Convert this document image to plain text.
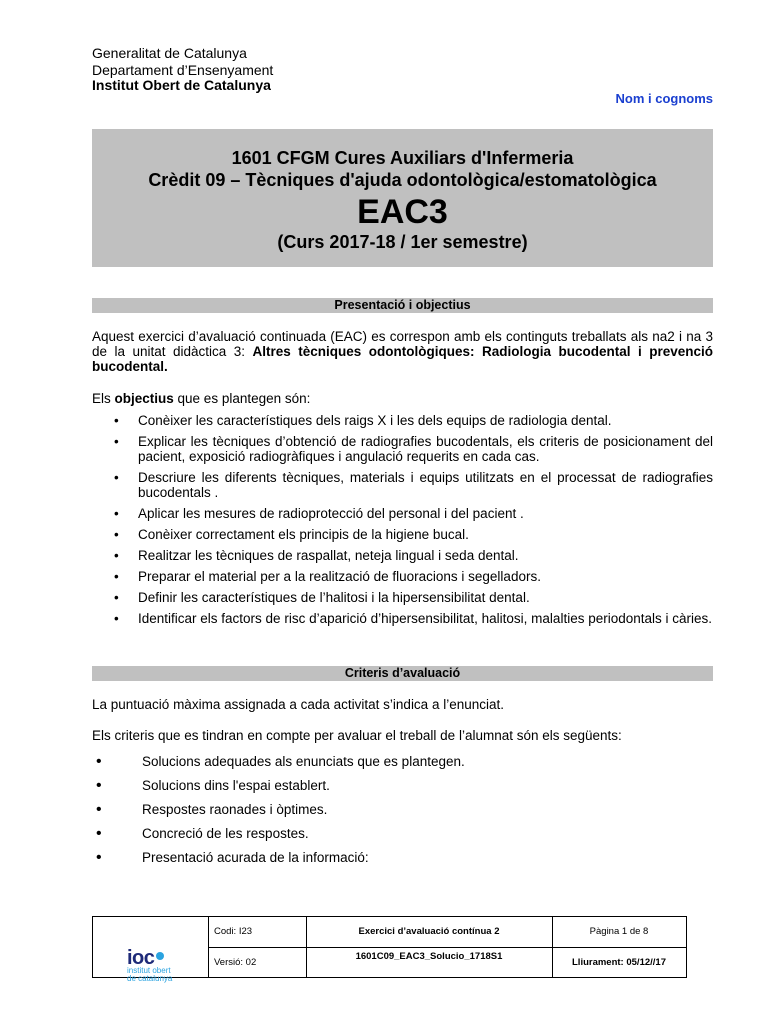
Generalitat de Catalunya
Departament d’Ensenyament
Institut Obert de Catalunya
Nom i cognoms
1601 CFGM Cures Auxiliars d'Infermeria
Crèdit 09 – Tècniques d'ajuda odontològica/estomatològica
EAC3
(Curs 2017-18 / 1er semestre)
Presentació i objectius
Aquest exercici d’avaluació continuada (EAC) es correspon amb els continguts treballats als na2 i na 3 de la unitat didàctica 3: Altres tècniques odontològiques: Radiologia bucodental i prevenció bucodental.
Els objectius que es plantegen són:
• Conèixer les característiques dels raigs X i les dels equips de radiologia dental.
• Explicar les tècniques d’obtenció de radiografies bucodentals, els criteris de posicionament del pacient, exposició radiogràfiques i angulació requerits en cada cas.
• Descriure les diferents tècniques, materials i equips utilitzats en el processat de radiografies bucodentals .
• Aplicar les mesures de radioprotecció del personal i del pacient .
• Conèixer correctament els principis de la higiene bucal.
• Realitzar les tècniques de raspallat, neteja lingual i seda dental.
• Preparar el material per a la realització de fluoracions i segelladors.
• Definir les característiques de l’halitosi i la hipersensibilitat dental.
• Identificar els factors de risc d’aparició d’hipersensibilitat, halitosi, malalties periodontals i càries.
Criteris d’avaluació
La puntuació màxima assignada a cada activitat s’indica a l’enunciat.
Els criteris que es tindran en compte per avaluar el treball de l’alumnat són els següents:
• Solucions adequades als enunciats que es plantegen.
• Solucions dins l'espai establert.
• Respostes raonades i òptimes.
• Concreció de les respostes.
• Presentació acurada de la informació:
Codi: I23
Versió: 02
Exercici d’avaluació contínua 2
1601C09_EAC3_Solucio_1718S1
Pàgina 1 de 8
Lliurament: 05/12//17
ioc
institut obert
de catalunya
